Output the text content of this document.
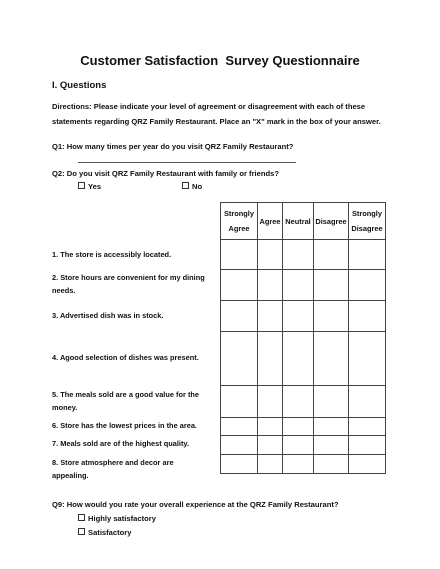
Customer Satisfaction  Survey Questionnaire
I. Questions
Directions: Please indicate your level of agreement or disagreement with each of these
statements regarding QRZ Family Restaurant. Place an "X" mark in the box of your answer.
Q1: How many times per year do you visit QRZ Family Restaurant?
Q2: Do you visit QRZ Family Restaurant with family or friends?
Yes	No
Strongly Agree	Agree	Neutral	Disagree	Strongly Disagree

1. The store is accessibly located.
2. Store hours are convenient for my dining needs.
3. Advertised dish was in stock.
4. Agood selection of dishes was present.
5. The meals sold are a good value for the money.
6. Store has the lowest prices in the area.
7. Meals sold are of the highest quality.
8. Store atmosphere and decor are appealing.
Q9: How would you rate your overall experience at the QRZ Family Restaurant?
Highly satisfactory
Satisfactory
